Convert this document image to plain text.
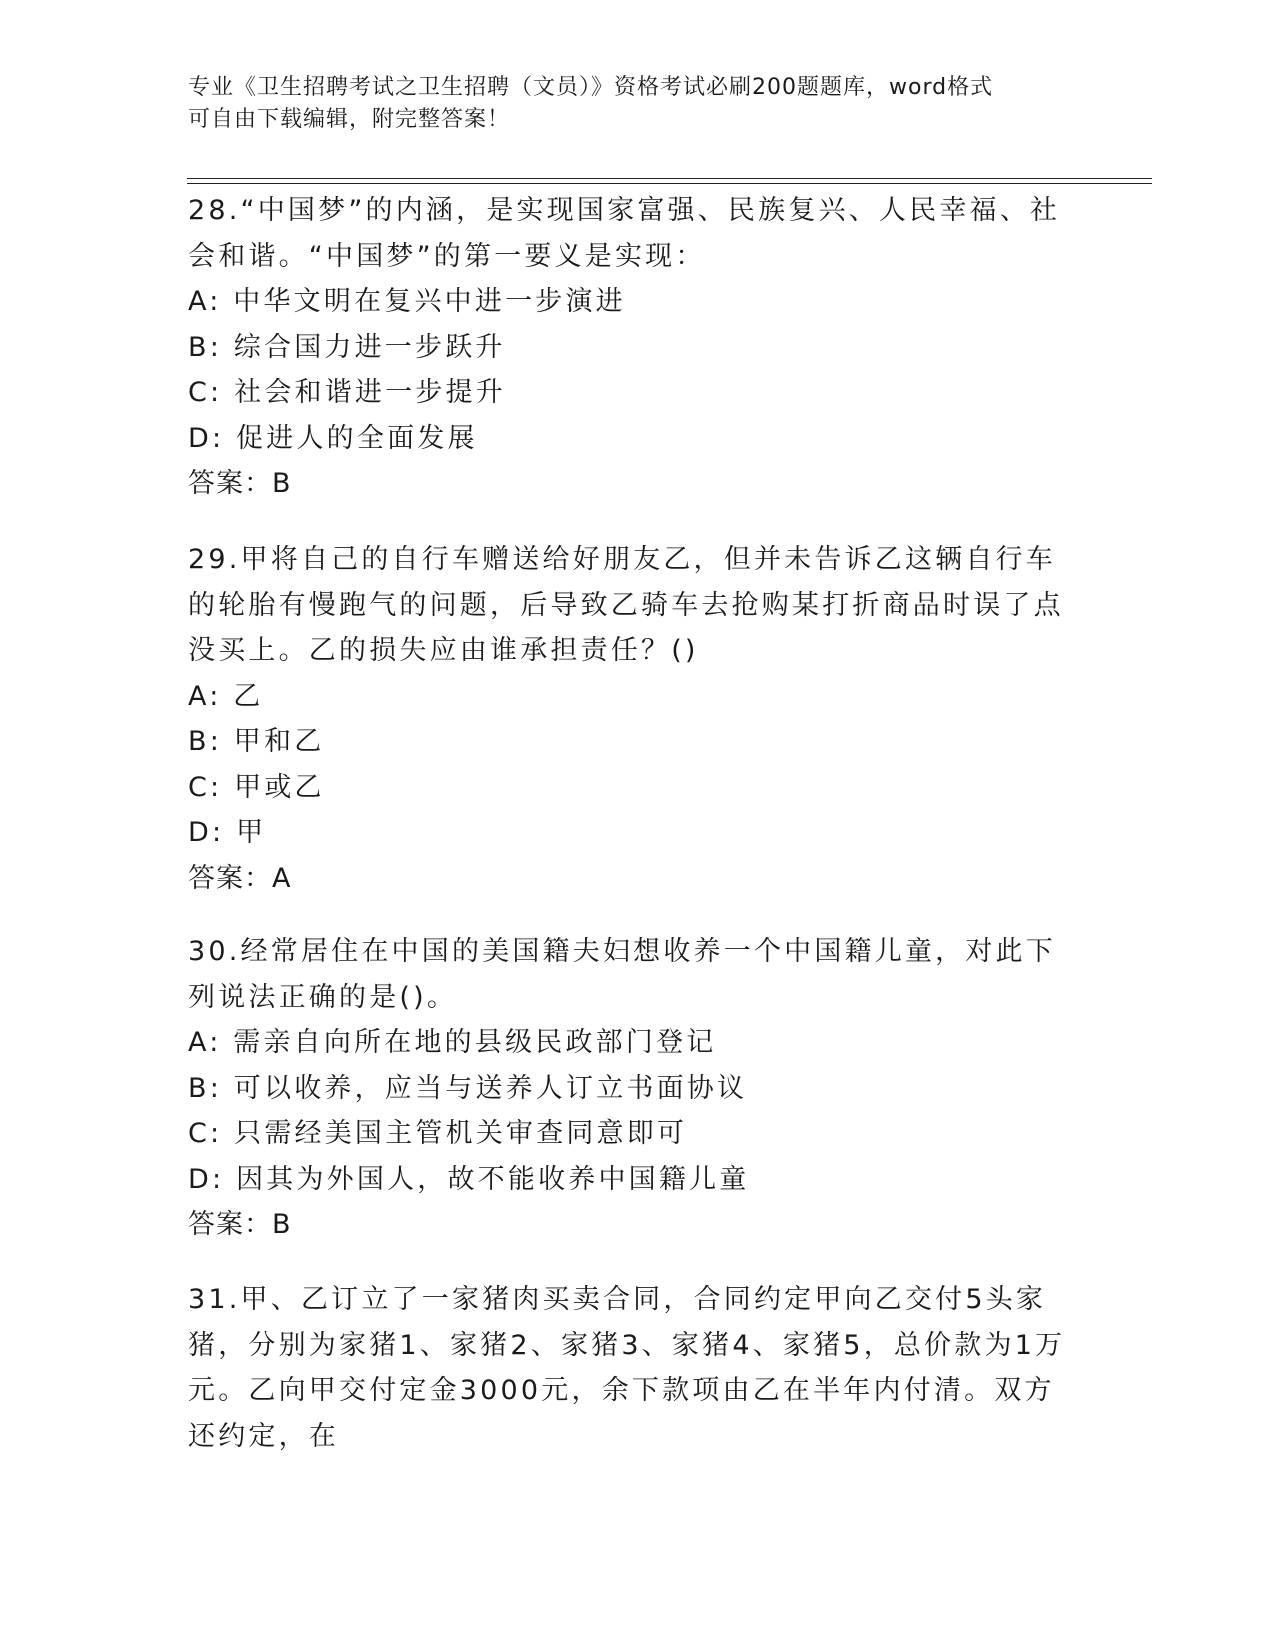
专业《卫生招聘考试之卫生招聘（文员）》资格考试必刷200题题库，word格式
可自由下载编辑，附完整答案！
28.“中国梦”的内涵，是实现国家富强、民族复兴、人民幸福、社会和谐。“中国梦”的第一要义是实现：
A: 中华文明在复兴中进一步演进
B: 综合国力进一步跃升
C: 社会和谐进一步提升
D: 促进人的全面发展
答案：B
29.甲将自己的自行车赠送给好朋友乙，但并未告诉乙这辆自行车的轮胎有慢跑气的问题，后导致乙骑车去抢购某打折商品时误了点没买上。乙的损失应由谁承担责任？()
A: 乙
B: 甲和乙
C: 甲或乙
D: 甲
答案：A
30.经常居住在中国的美国籍夫妇想收养一个中国籍儿童，对此下列说法正确的是()。
A: 需亲自向所在地的县级民政部门登记
B: 可以收养，应当与送养人订立书面协议
C: 只需经美国主管机关审查同意即可
D: 因其为外国人，故不能收养中国籍儿童
答案：B
31.甲、乙订立了一家猪肉买卖合同，合同约定甲向乙交付5头家猪，分别为家猪1、家猪2、家猪3、家猪4、家猪5，总价款为1万元。乙向甲交付定金3000元，余下款项由乙在半年内付清。双方还约定，在
